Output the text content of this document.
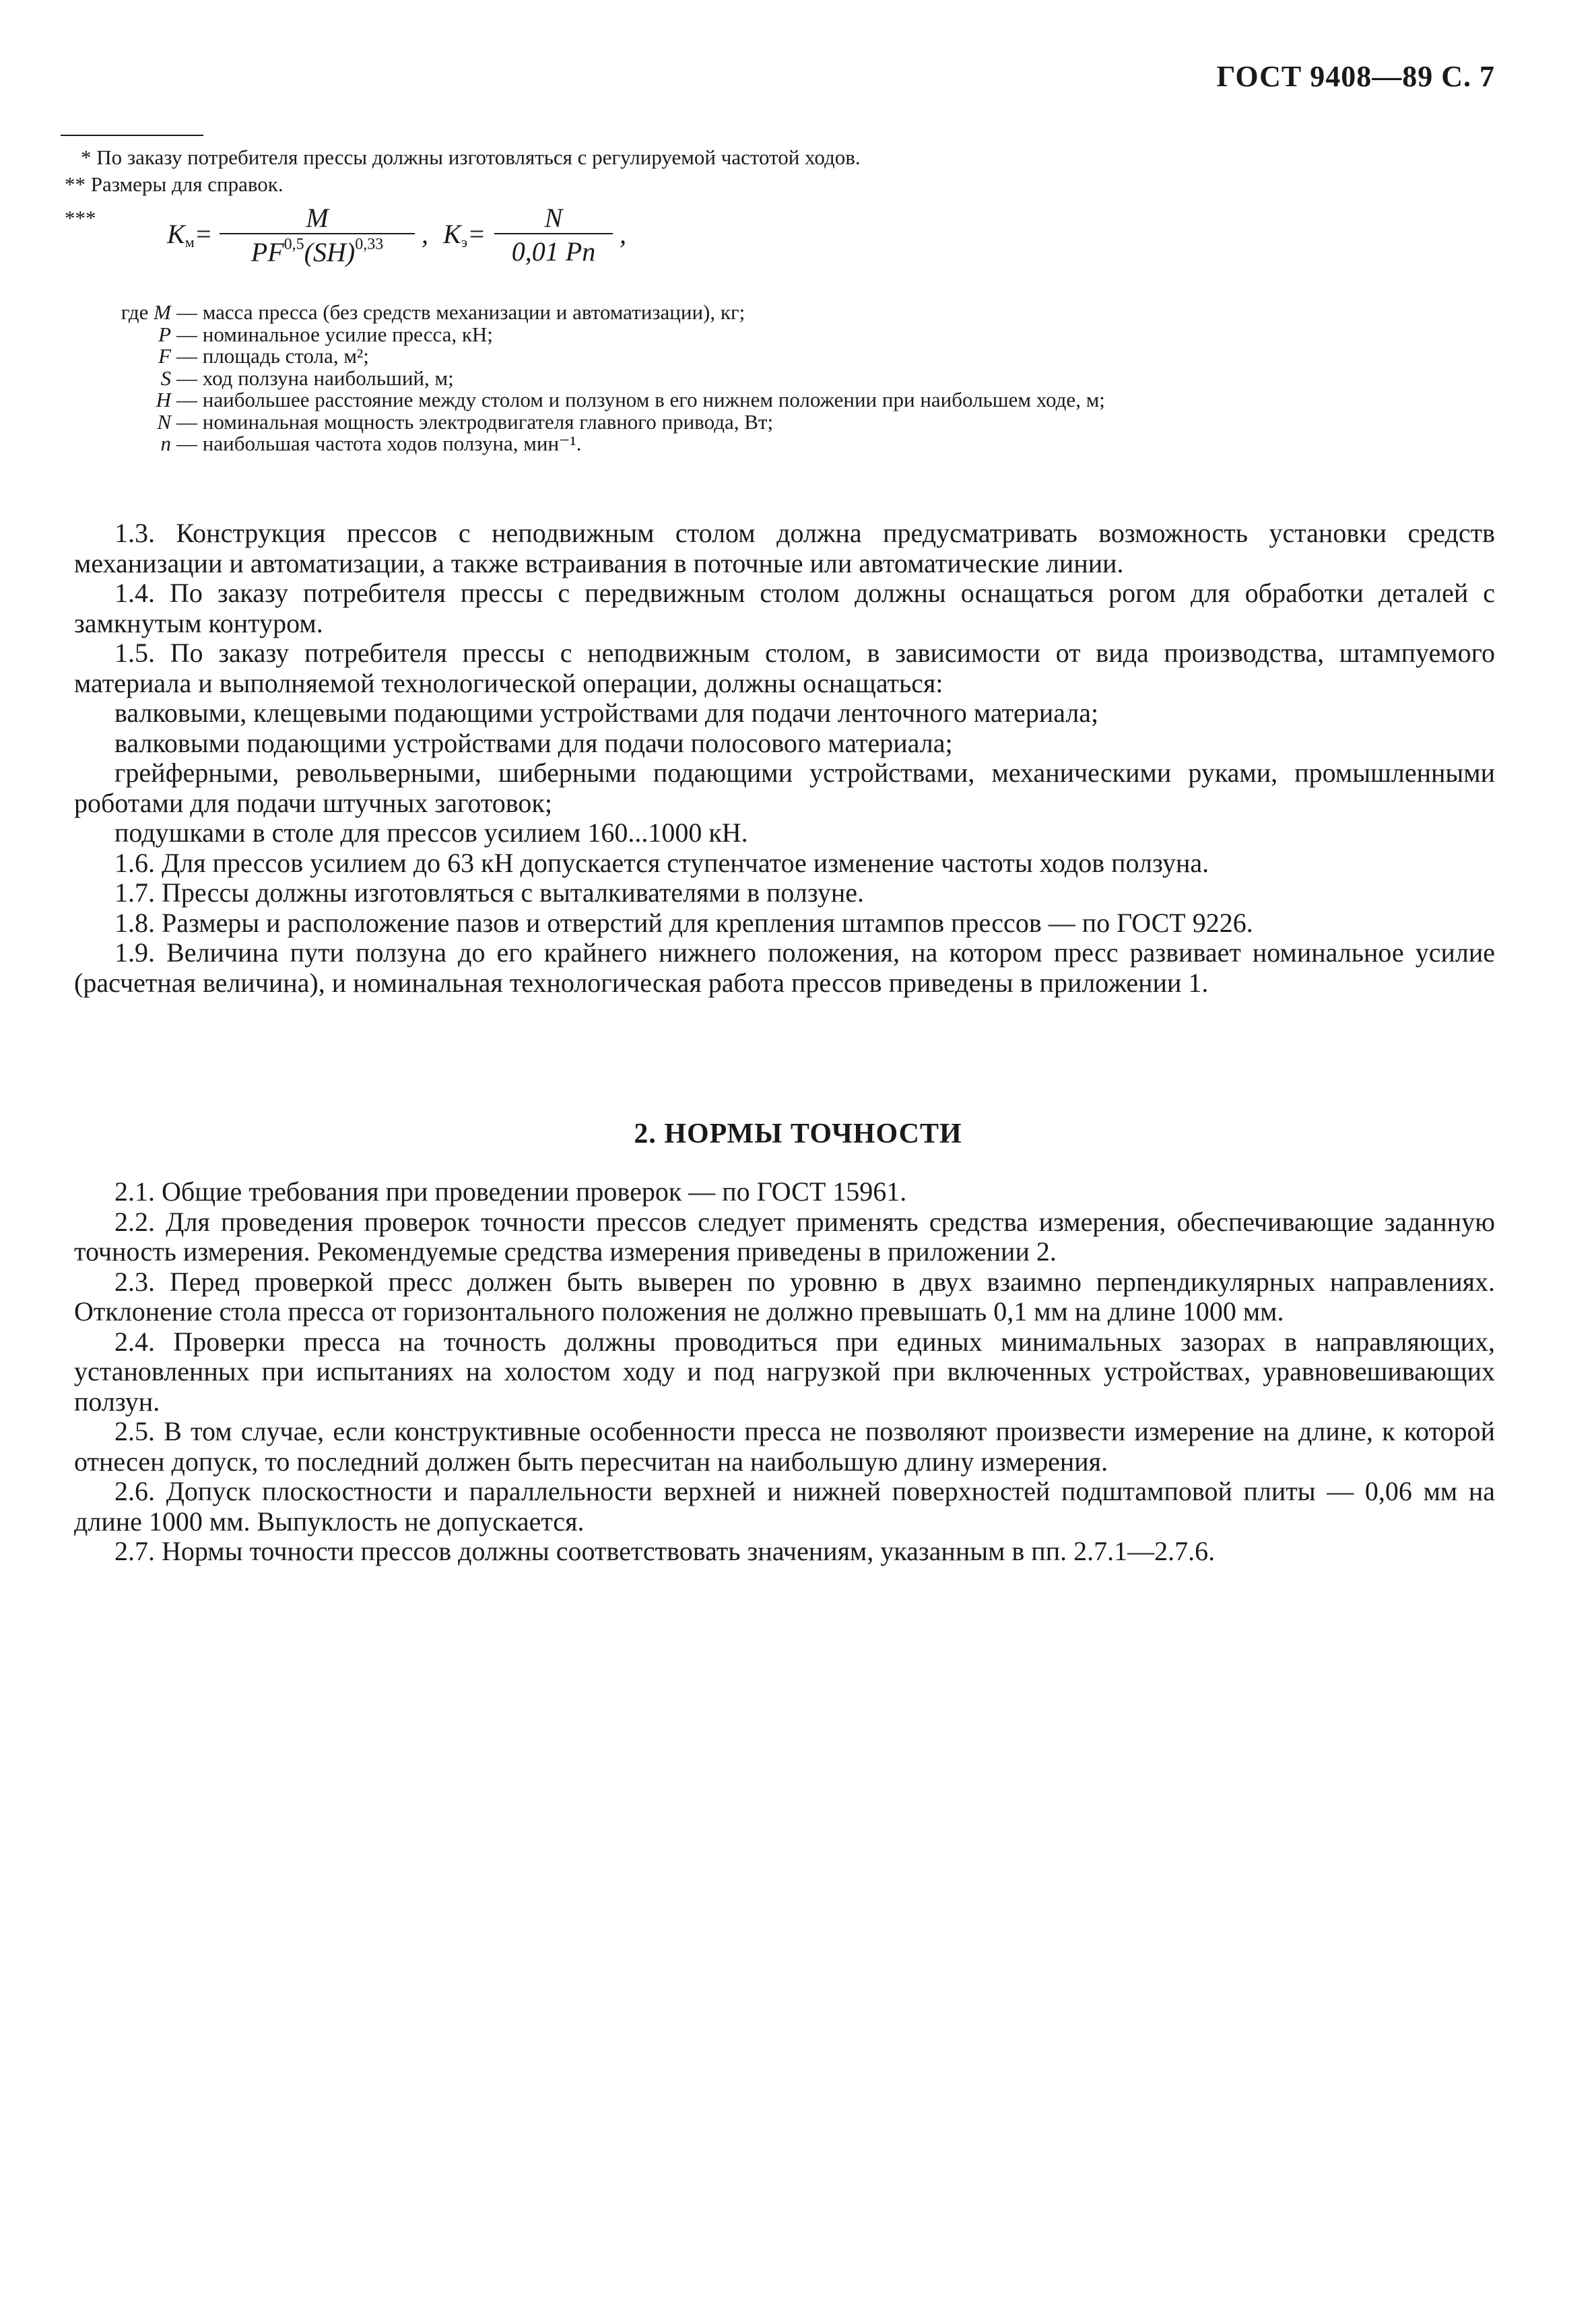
ГОСТ 9408—89 С. 7
* По заказу потребителя прессы должны изготовляться с регулируемой частотой ходов.
** Размеры для справок.
***
$K_м= \frac{M}{PF^{0,5}(SH)^{0,33}}$ , $K_э= \frac{N}{0,01 Pn}$ ,
где M — масса пресса (без средств механизации и автоматизации), кг;
P — номинальное усилие пресса, кН;
F — площадь стола, м²;
S — ход ползуна наибольший, м;
H — наибольшее расстояние между столом и ползуном в его нижнем положении при наибольшем ходе, м;
N — номинальная мощность электродвигателя главного привода, Вт;
n — наибольшая частота ходов ползуна, мин⁻¹.

1.3. Конструкция прессов с неподвижным столом должна предусматривать возможность установки средств механизации и автоматизации, а также встраивания в поточные или автоматические линии.

1.4. По заказу потребителя прессы с передвижным столом должны оснащаться рогом для обработки деталей с замкнутым контуром.

1.5. По заказу потребителя прессы с неподвижным столом, в зависимости от вида производства, штампуемого материала и выполняемой технологической операции, должны оснащаться:

валковыми, клещевыми подающими устройствами для подачи ленточного материала;

валковыми подающими устройствами для подачи полосового материала;

грейферными, револьверными, шиберными подающими устройствами, механическими руками, промышленными роботами для подачи штучных заготовок;

подушками в столе для прессов усилием 160...1000 кН.

1.6. Для прессов усилием до 63 кН допускается ступенчатое изменение частоты ходов ползуна.

1.7. Прессы должны изготовляться с выталкивателями в ползуне.

1.8. Размеры и расположение пазов и отверстий для крепления штампов прессов — по ГОСТ 9226.

1.9. Величина пути ползуна до его крайнего нижнего положения, на котором пресс развивает номинальное усилие (расчетная величина), и номинальная технологическая работа прессов приведены в приложении 1.

2. НОРМЫ ТОЧНОСТИ

2.1. Общие требования при проведении проверок — по ГОСТ 15961.

2.2. Для проведения проверок точности прессов следует применять средства измерения, обеспечивающие заданную точность измерения. Рекомендуемые средства измерения приведены в приложении 2.

2.3. Перед проверкой пресс должен быть выверен по уровню в двух взаимно перпендикулярных направлениях. Отклонение стола пресса от горизонтального положения не должно превышать 0,1 мм на длине 1000 мм.

2.4. Проверки пресса на точность должны проводиться при единых минимальных зазорах в направляющих, установленных при испытаниях на холостом ходу и под нагрузкой при включенных устройствах, уравновешивающих ползун.

2.5. В том случае, если конструктивные особенности пресса не позволяют произвести измерение на длине, к которой отнесен допуск, то последний должен быть пересчитан на наибольшую длину измерения.

2.6. Допуск плоскостности и параллельности верхней и нижней поверхностей подштамповой плиты — 0,06 мм на длине 1000 мм. Выпуклость не допускается.

2.7. Нормы точности прессов должны соответствовать значениям, указанным в пп. 2.7.1—2.7.6.
